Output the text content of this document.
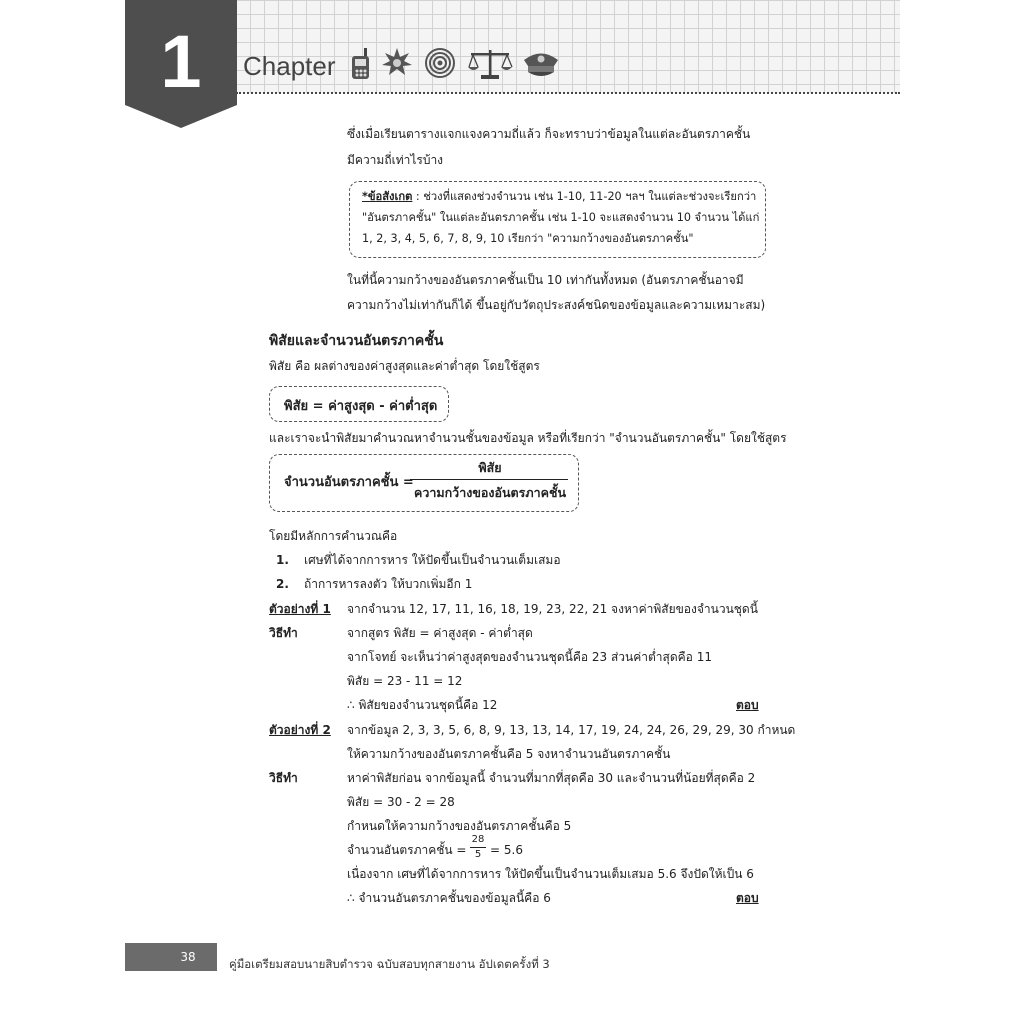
1	Chapter
ซึ่งเมื่อเรียนตารางแจกแจงความถี่แล้ว ก็จะทราบว่าข้อมูลในแต่ละอันตรภาคชั้น
มีความถี่เท่าไรบ้าง
*ข้อสังเกต : ช่วงที่แสดงช่วงจำนวน เช่น 1-10, 11-20 ฯลฯ ในแต่ละช่วงจะเรียกว่า
"อันตรภาคชั้น" ในแต่ละอันตรภาคชั้น เช่น 1-10 จะแสดงจำนวน 10 จำนวน ได้แก่
1, 2, 3, 4, 5, 6, 7, 8, 9, 10 เรียกว่า "ความกว้างของอันตรภาคชั้น"
ในที่นี้ความกว้างของอันตรภาคชั้นเป็น 10 เท่ากันทั้งหมด (อันตรภาคชั้นอาจมี
ความกว้างไม่เท่ากันก็ได้ ขึ้นอยู่กับวัตถุประสงค์ชนิดของข้อมูลและความเหมาะสม)
พิสัยและจำนวนอันตรภาคชั้น
พิสัย คือ ผลต่างของค่าสูงสุดและค่าต่ำสุด โดยใช้สูตร
พิสัย = ค่าสูงสุด - ค่าต่ำสุด
และเราจะนำพิสัยมาคำนวณหาจำนวนชั้นของข้อมูล หรือที่เรียกว่า "จำนวนอันตรภาคชั้น" โดยใช้สูตร
จำนวนอันตรภาคชั้น =
พิสัย
ความกว้างของอันตรภาคชั้น
โดยมีหลักการคำนวณคือ
1. เศษที่ได้จากการหาร ให้ปัดขึ้นเป็นจำนวนเต็มเสมอ
2. ถ้าการหารลงตัว ให้บวกเพิ่มอีก 1
ตัวอย่างที่ 1 จากจำนวน 12, 17, 11, 16, 18, 19, 23, 22, 21 จงหาค่าพิสัยของจำนวนชุดนี้
วิธีทำ	จากสูตร พิสัย = ค่าสูงสุด - ค่าต่ำสุด
จากโจทย์ จะเห็นว่าค่าสูงสุดของจำนวนชุดนี้คือ 23 ส่วนค่าต่ำสุดคือ 11
พิสัย = 23 - 11 = 12
∴ พิสัยของจำนวนชุดนี้คือ 12	ตอบ
ตัวอย่างที่ 2 จากข้อมูล 2, 3, 3, 5, 6, 8, 9, 13, 13, 14, 17, 19, 24, 24, 26, 29, 29, 30 กำหนด
ให้ความกว้างของอันตรภาคชั้นคือ 5 จงหาจำนวนอันตรภาคชั้น
วิธีทำ	หาค่าพิสัยก่อน จากข้อมูลนี้ จำนวนที่มากที่สุดคือ 30 และจำนวนที่น้อยที่สุดคือ 2
พิสัย = 30 - 2 = 28
กำหนดให้ความกว้างของอันตรภาคชั้นคือ 5
จำนวนอันตรภาคชั้น =
28
5 = 5.6
เนื่องจาก เศษที่ได้จากการหาร ให้ปัดขึ้นเป็นจำนวนเต็มเสมอ 5.6 จึงปัดให้เป็น 6
∴ จำนวนอันตรภาคชั้นของข้อมูลนี้คือ 6	ตอบ
38	คู่มือเตรียมสอบนายสิบตำรวจ ฉบับสอบทุกสายงาน อัปเดตครั้งที่ 3
